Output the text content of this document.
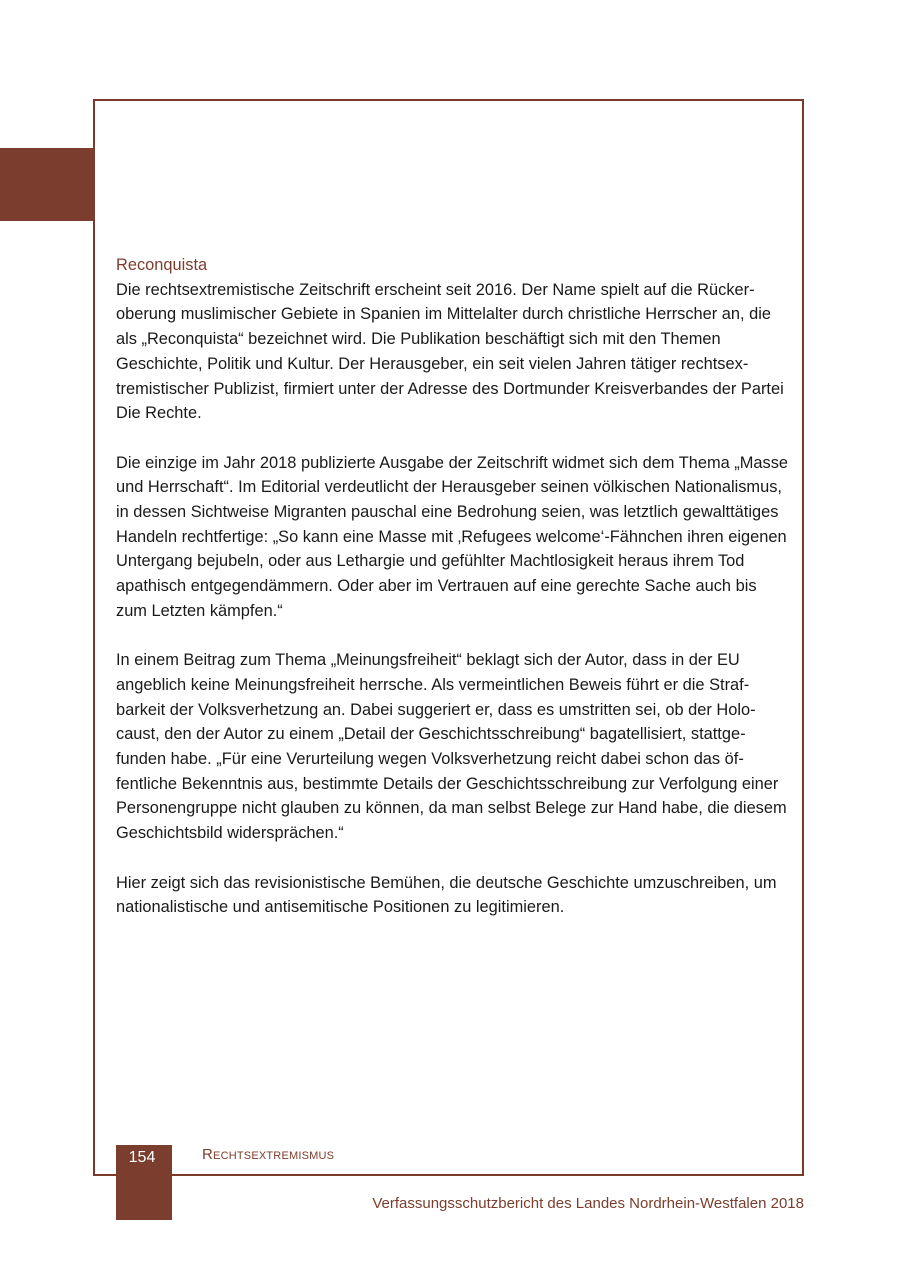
Reconquista

Die rechtsextremistische Zeitschrift erscheint seit 2016. Der Name spielt auf die Rückeroberung muslimischer Gebiete in Spanien im Mittelalter durch christliche Herrscher an, die als „Reconquista“ bezeichnet wird. Die Publikation beschäftigt sich mit den Themen Geschichte, Politik und Kultur. Der Herausgeber, ein seit vielen Jahren tätiger rechtsextremistischer Publizist, firmiert unter der Adresse des Dortmunder Kreisverbandes der Partei Die Rechte.

Die einzige im Jahr 2018 publizierte Ausgabe der Zeitschrift widmet sich dem Thema „Masse und Herrschaft“. Im Editorial verdeutlicht der Herausgeber seinen völkischen Nationalismus, in dessen Sichtweise Migranten pauschal eine Bedrohung seien, was letztlich gewalttätiges Handeln rechtfertige: „So kann eine Masse mit ‚Refugees welcome‘-Fähnchen ihren eigenen Untergang bejubeln, oder aus Lethargie und gefühlter Machtlosigkeit heraus ihrem Tod apathisch entgegendämmern. Oder aber im Vertrauen auf eine gerechte Sache auch bis zum Letzten kämpfen.“

In einem Beitrag zum Thema „Meinungsfreiheit“ beklagt sich der Autor, dass in der EU angeblich keine Meinungsfreiheit herrsche. Als vermeintlichen Beweis führt er die Strafbarkeit der Volksverhetzung an. Dabei suggeriert er, dass es umstritten sei, ob der Holocaust, den der Autor zu einem „Detail der Geschichtsschreibung“ bagatellisiert, stattgefunden habe. „Für eine Verurteilung wegen Volksverhetzung reicht dabei schon das öffentliche Bekenntnis aus, bestimmte Details der Geschichtsschreibung zur Verfolgung einer Personengruppe nicht glauben zu können, da man selbst Belege zur Hand habe, die diesem Geschichtsbild widersprächen.“

Hier zeigt sich das revisionistische Bemühen, die deutsche Geschichte umzuschreiben, um nationalistische und antisemitische Positionen zu legitimieren.

154	Rechtsextremismus
Verfassungsschutzbericht des Landes Nordrhein-Westfalen 2018
